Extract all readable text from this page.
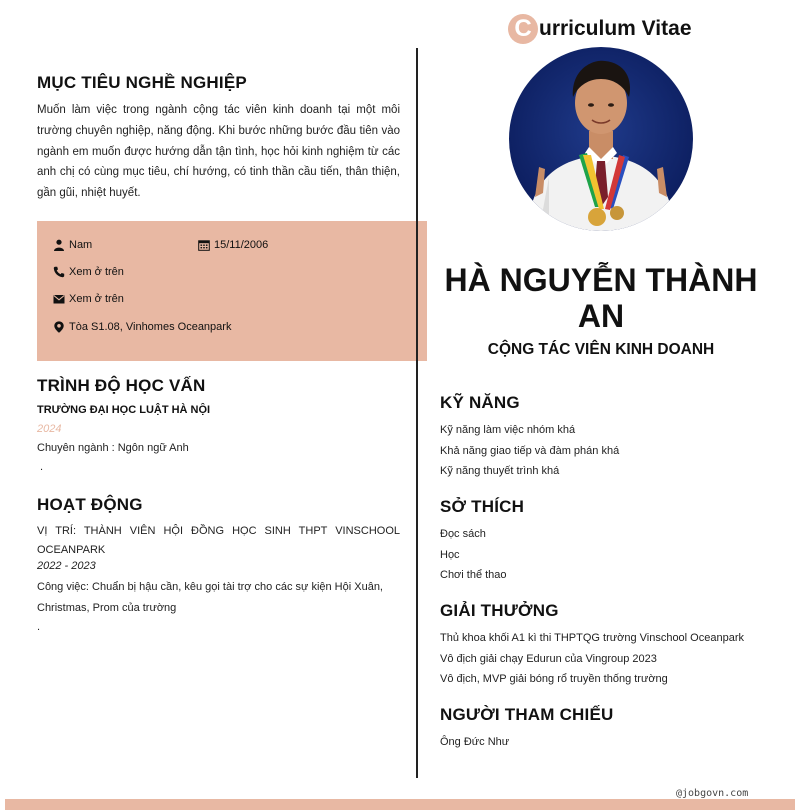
C urriculum Vitae
MỤC TIÊU NGHỀ NGHIỆP
Muốn làm việc trong ngành cộng tác viên kinh doanh tại một môi trường chuyên nghiệp, năng động. Khi bước những bước đầu tiên vào ngành em muốn được hướng dẫn tận tình, học hỏi kinh nghiệm từ các anh chị có cùng mục tiêu, chí hướng, có tinh thần cầu tiến, thân thiện, gần gũi, nhiệt huyết.
Nam	15/11/2006
Xem ở trên
Xem ở trên
Tòa S1.08, Vinhomes Oceanpark
TRÌNH ĐỘ HỌC VẤN
TRƯỜNG ĐẠI HỌC LUẬT HÀ NỘI
2024
Chuyên ngành : Ngôn ngữ Anh
.
HOẠT ĐỘNG
VỊ TRÍ: THÀNH VIÊN HỘI ĐỒNG HỌC SINH THPT VINSCHOOL OCEANPARK
2022 - 2023
Công việc: Chuẩn bị hậu cần, kêu gọi tài trợ cho các sự kiện Hội Xuân, Christmas, Prom của trường
.
HÀ NGUYỄN THÀNH AN
CỘNG TÁC VIÊN KINH DOANH
KỸ NĂNG
Kỹ năng làm việc nhóm khá
Khả năng giao tiếp và đàm phán khá
Kỹ năng thuyết trình khá
SỞ THÍCH
Đọc sách
Học
Chơi thể thao
GIẢI THƯỞNG
Thủ khoa khối A1 kì thi THPTQG trường Vinschool Oceanpark
Vô địch giải chạy Edurun của Vingroup 2023
Vô địch, MVP giải bóng rổ truyền thống trường
NGƯỜI THAM CHIẾU
Ông Đức Như
@jobgovn.com
